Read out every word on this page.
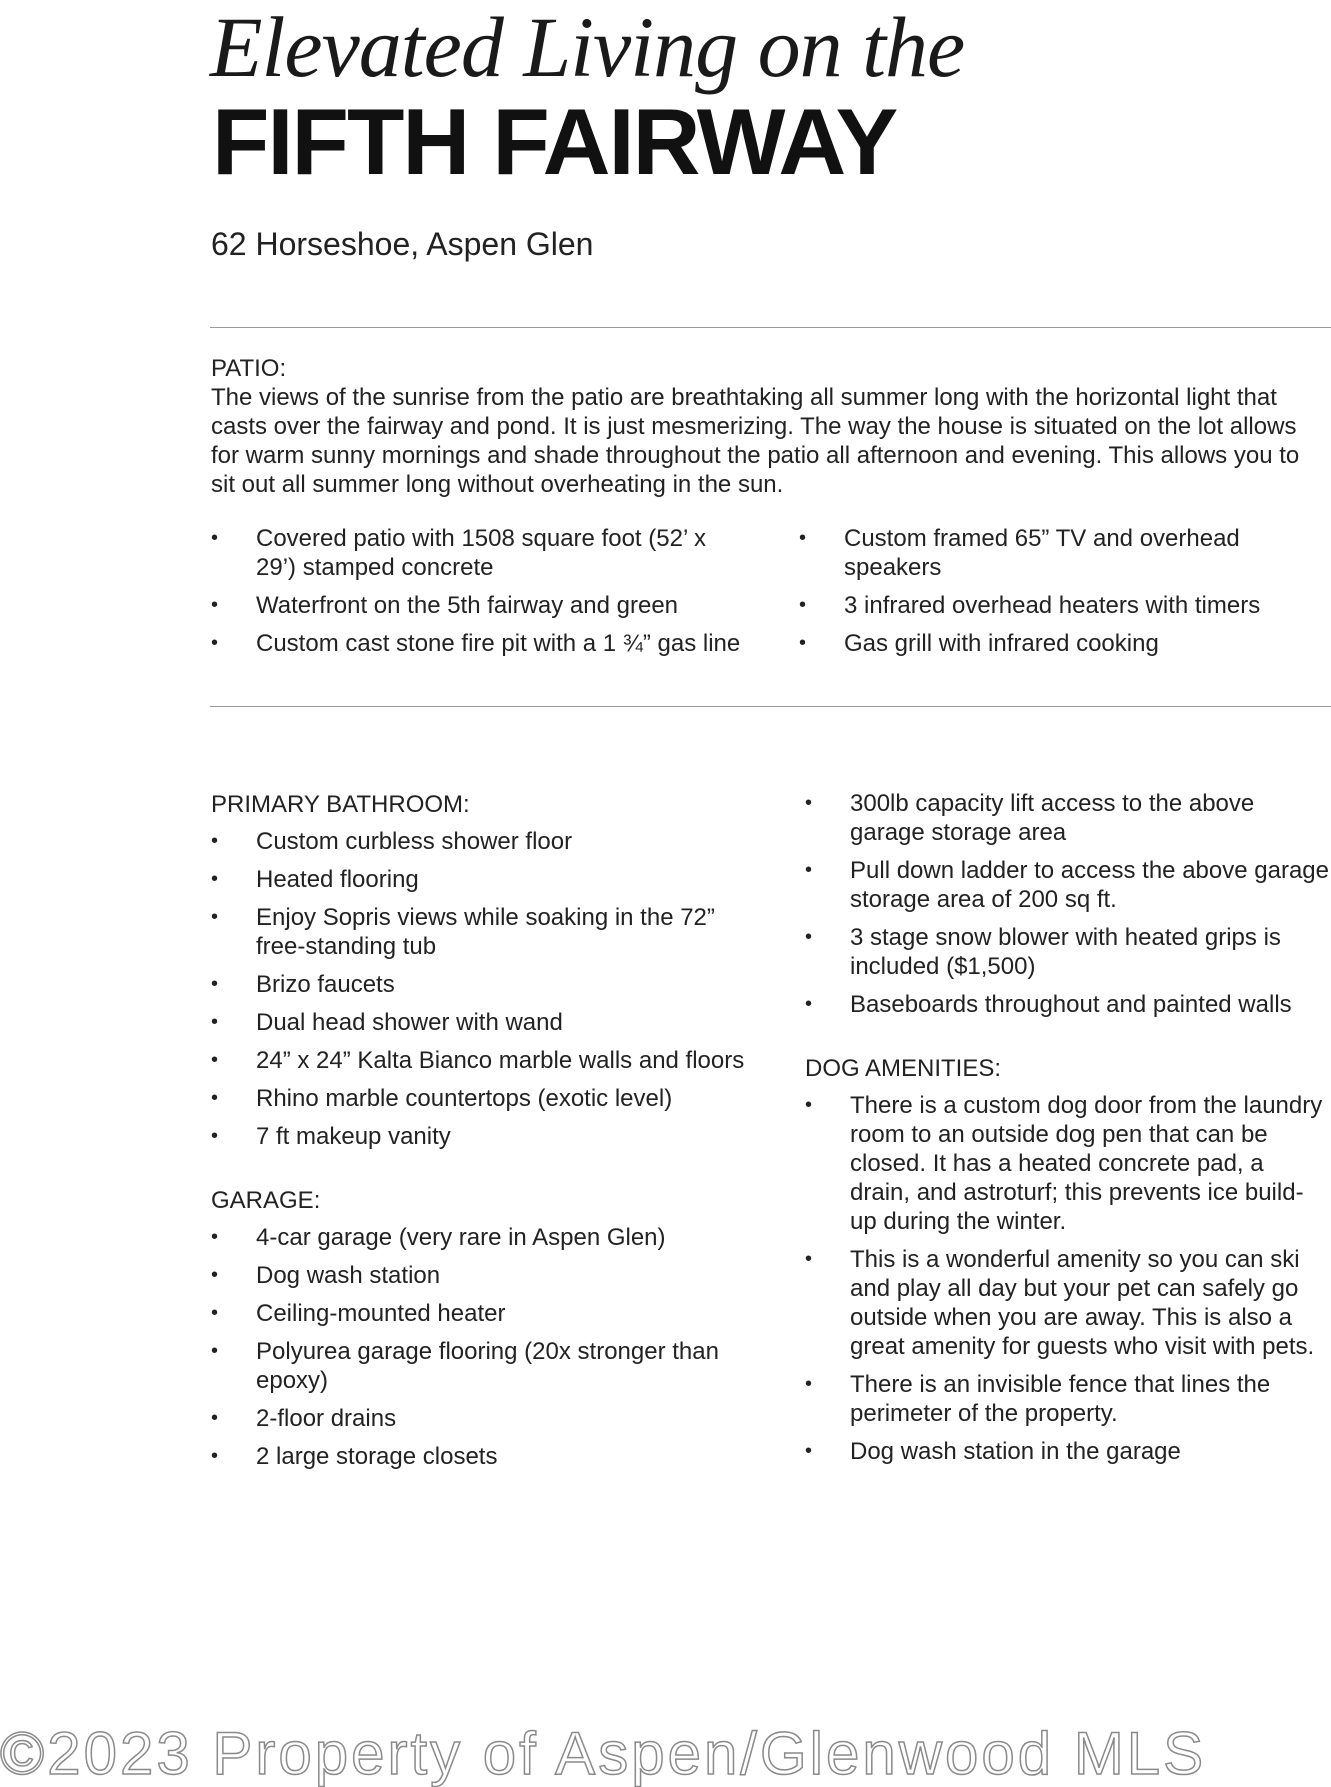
Elevated Living on the
FIFTH FAIRWAY
62 Horseshoe, Aspen Glen
PATIO:

The views of the sunrise from the patio are breathtaking all summer long with the horizontal light that casts over the fairway and pond. It is just mesmerizing. The way the house is situated on the lot allows for warm sunny mornings and shade throughout the patio all afternoon and evening. This allows you to sit out all summer long without overheating in the sun.

• Covered patio with 1508 square foot (52’ x 29’) stamped concrete
• Waterfront on the 5th fairway and green
• Custom cast stone fire pit with a 1 ¾” gas line
• Custom framed 65” TV and overhead speakers
• 3 infrared overhead heaters with timers
• Gas grill with infrared cooking
PRIMARY BATHROOM:
• Custom curbless shower floor
• Heated flooring
• Enjoy Sopris views while soaking in the 72” free-standing tub
• Brizo faucets
• Dual head shower with wand
• 24” x 24” Kalta Bianco marble walls and floors
• Rhino marble countertops (exotic level)
• 7 ft makeup vanity
GARAGE:
• 4-car garage (very rare in Aspen Glen)
• Dog wash station
• Ceiling-mounted heater
• Polyurea garage flooring (20x stronger than epoxy)
• 2-floor drains
• 2 large storage closets
• 300lb capacity lift access to the above garage storage area
• Pull down ladder to access the above garage storage area of 200 sq ft.
• 3 stage snow blower with heated grips is included ($1,500)
• Baseboards throughout and painted walls
DOG AMENITIES:
• There is a custom dog door from the laundry room to an outside dog pen that can be closed. It has a heated concrete pad, a drain, and astroturf; this prevents ice build-up during the winter.
• This is a wonderful amenity so you can ski and play all day but your pet can safely go outside when you are away. This is also a great amenity for guests who visit with pets.
• There is an invisible fence that lines the perimeter of the property.
• Dog wash station in the garage
©2023 Property of Aspen/Glenwood MLS
